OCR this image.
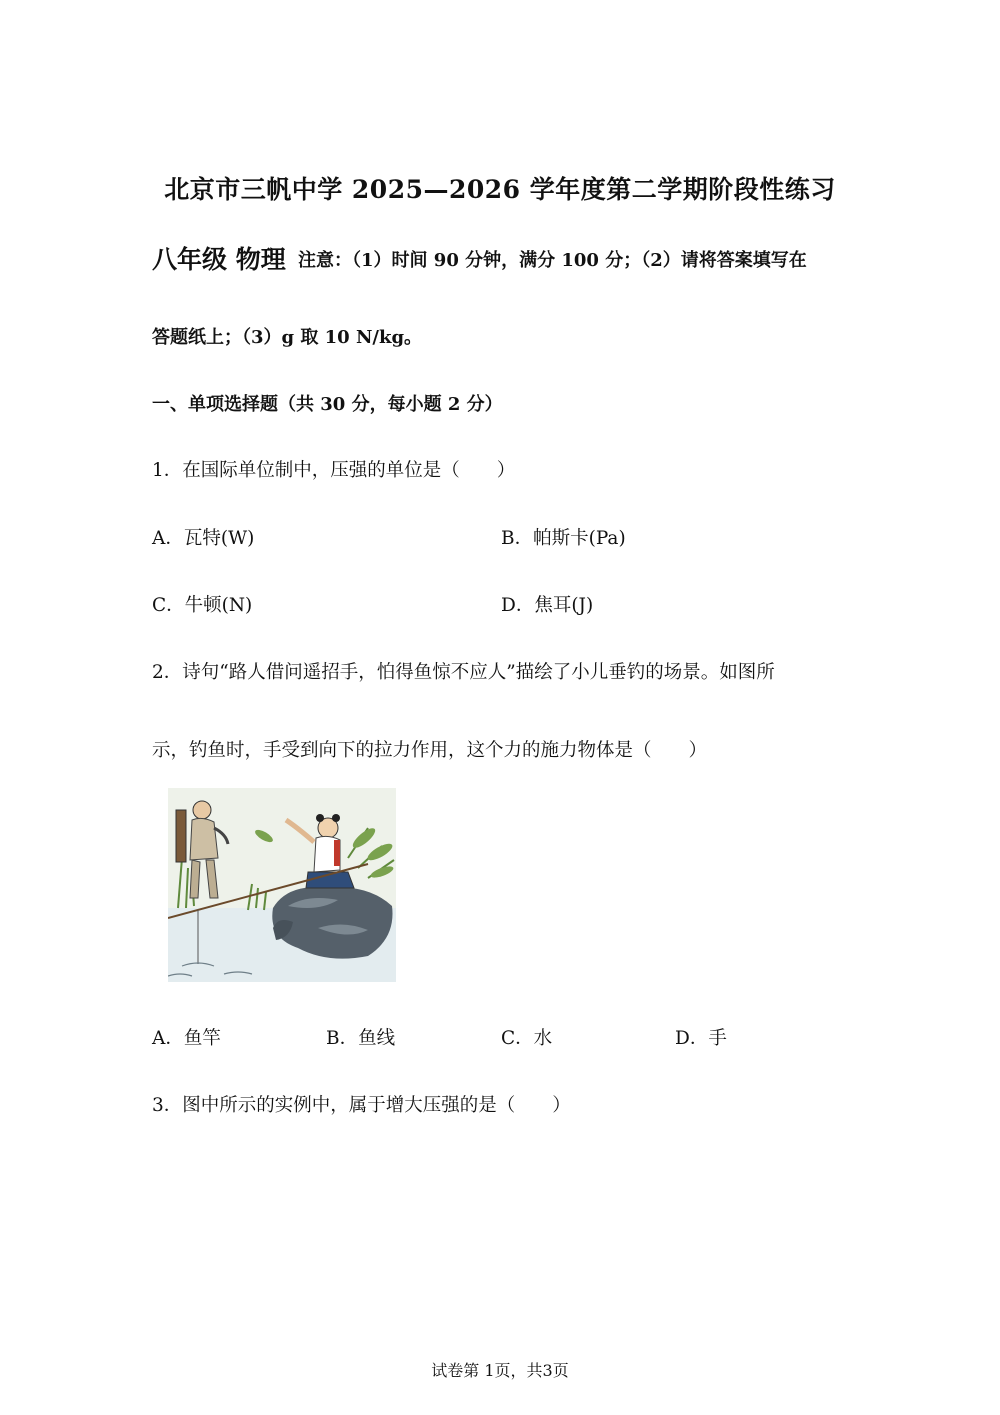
北京市三帆中学 2025—2026 学年度第二学期阶段性练习
八年级 物理 注意：（1）时间 90 分钟，满分 100 分；（2）请将答案填写在
答题纸上；（3）g 取 10 N/kg。
一、单项选择题（共 30 分，每小题 2 分）
1．在国际单位制中，压强的单位是（　　）
A．瓦特(W)	B．帕斯卡(Pa)
C．牛顿(N)	D．焦耳(J)
2．诗句“路人借问遥招手，怕得鱼惊不应人”描绘了小儿垂钓的场景。如图所
示，钓鱼时，手受到向下的拉力作用，这个力的施力物体是（　　）
A．鱼竿	B．鱼线	C．水	D．手
3．图中所示的实例中，属于增大压强的是（　　）
试卷第 1页，共3页
